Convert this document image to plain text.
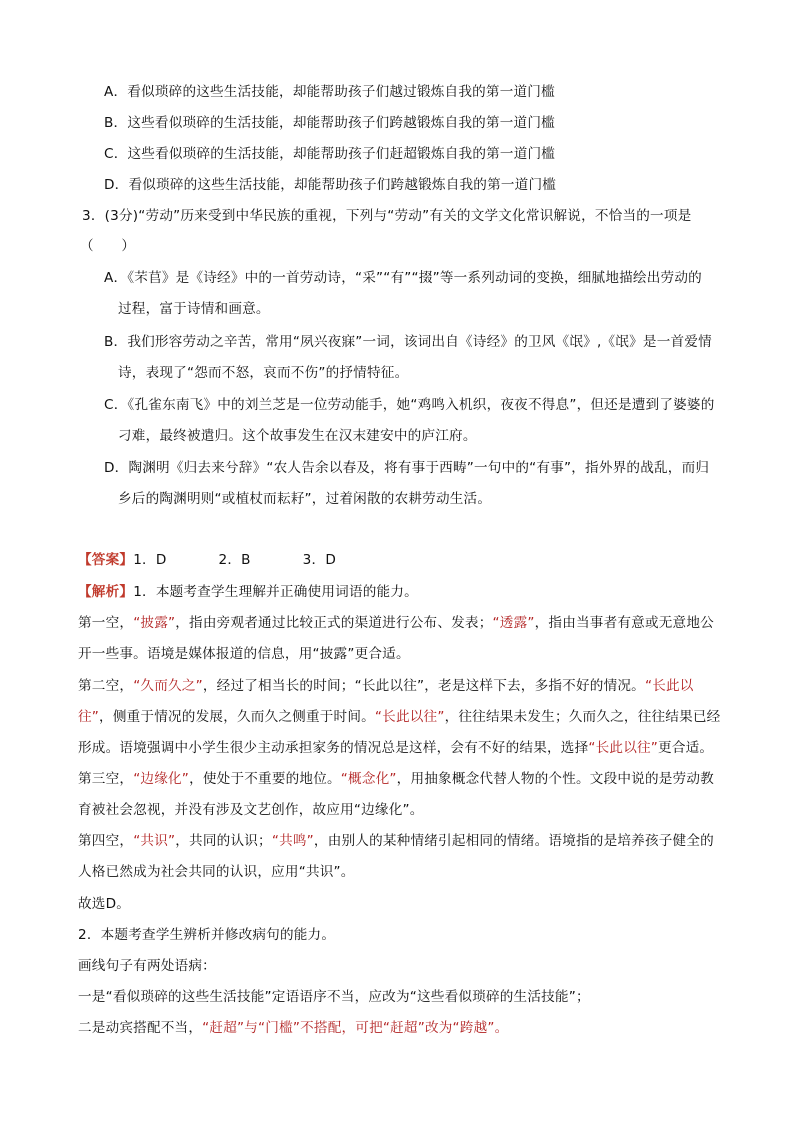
A．看似琐碎的这些生活技能，却能帮助孩子们越过锻炼自我的第一道门槛
B．这些看似琐碎的生活技能，却能帮助孩子们跨越锻炼自我的第一道门槛
C．这些看似琐碎的生活技能，却能帮助孩子们赶超锻炼自我的第一道门槛
D．看似琐碎的这些生活技能，却能帮助孩子们跨越锻炼自我的第一道门槛
3．(3分)“劳动”历来受到中华民族的重视，下列与“劳动”有关的文学文化常识解说，不恰当的一项是
（　　）
A．《芣苢》是《诗经》中的一首劳动诗，“采”“有”“掇”等一系列动词的变换，细腻地描绘出劳动的
过程，富于诗情和画意。
B．我们形容劳动之辛苦，常用“夙兴夜寐”一词，该词出自《诗经》的卫风《氓》,《氓》是一首爱情
诗，表现了“怨而不怒，哀而不伤”的抒情特征。
C．《孔雀东南飞》中的刘兰芝是一位劳动能手，她“鸡鸣入机织，夜夜不得息”，但还是遭到了婆婆的
刁难，最终被遣归。这个故事发生在汉末建安中的庐江府。
D．陶渊明《归去来兮辞》“农人告余以春及，将有事于西畴”一句中的“有事”，指外界的战乱，而归
乡后的陶渊明则“或植杖而耘耔”，过着闲散的农耕劳动生活。
【答案】1．D	2．B	3．D
【解析】1．本题考查学生理解并正确使用词语的能力。
第一空，“披露”，指由旁观者通过比较正式的渠道进行公布、发表；“透露”，指由当事者有意或无意地公
开一些事。语境是媒体报道的信息，用“披露”更合适。
第二空，“久而久之”，经过了相当长的时间；“长此以往”，老是这样下去，多指不好的情况。“长此以
往”，侧重于情况的发展，久而久之侧重于时间。“长此以往”，往往结果未发生；久而久之，往往结果已经
形成。语境强调中小学生很少主动承担家务的情况总是这样，会有不好的结果，选择“长此以往”更合适。
第三空，“边缘化”，使处于不重要的地位。“概念化”，用抽象概念代替人物的个性。文段中说的是劳动教
育被社会忽视，并没有涉及文艺创作，故应用“边缘化”。
第四空，“共识”，共同的认识；“共鸣”，由别人的某种情绪引起相同的情绪。语境指的是培养孩子健全的
人格已然成为社会共同的认识，应用“共识”。
故选D。
2．本题考查学生辨析并修改病句的能力。
画线句子有两处语病：
一是“看似琐碎的这些生活技能”定语语序不当，应改为“这些看似琐碎的生活技能”；
二是动宾搭配不当，“赶超”与“门槛”不搭配，可把“赶超”改为“跨越”。
